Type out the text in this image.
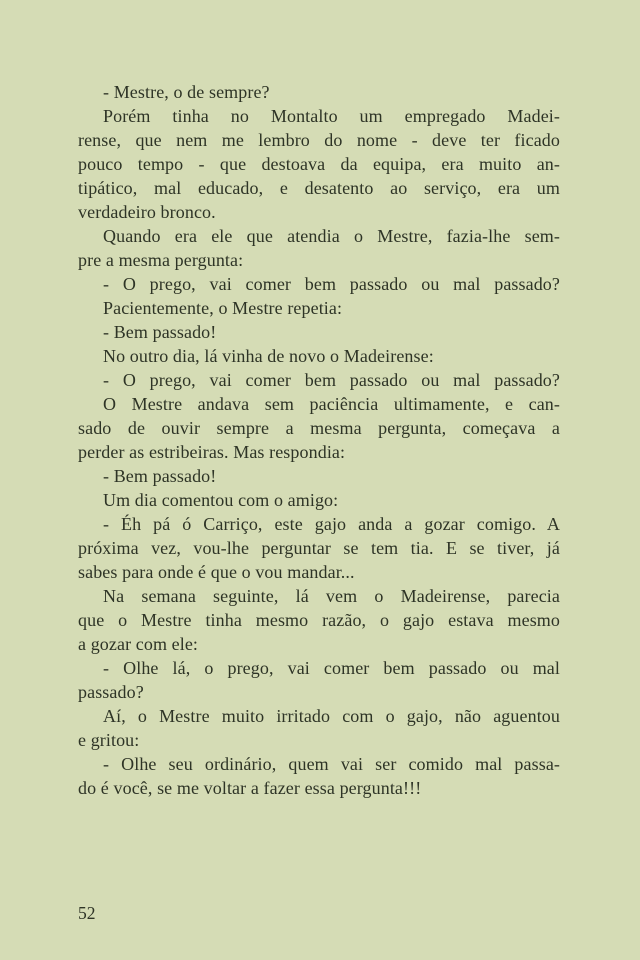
- Mestre, o de sempre?
Porém tinha no Montalto um empregado Madei-
rense, que nem me lembro do nome - deve ter ficado
pouco tempo - que destoava da equipa, era muito an-
tipático, mal educado, e desatento ao serviço, era um
verdadeiro bronco.
Quando era ele que atendia o Mestre, fazia-lhe sem-
pre a mesma pergunta:
- O prego, vai comer bem passado ou mal passado?
Pacientemente, o Mestre repetia:
- Bem passado!
No outro dia, lá vinha de novo o Madeirense:
- O prego, vai comer bem passado ou mal passado?
O Mestre andava sem paciência ultimamente, e can-
sado de ouvir sempre a mesma pergunta, começava a
perder as estribeiras. Mas respondia:
- Bem passado!
Um dia comentou com o amigo:
- Éh pá ó Carriço, este gajo anda a gozar comigo. A
próxima vez, vou-lhe perguntar se tem tia. E se tiver, já
sabes para onde é que o vou mandar...
Na semana seguinte, lá vem o Madeirense, parecia
que o Mestre tinha mesmo razão, o gajo estava mesmo
a gozar com ele:
- Olhe lá, o prego, vai comer bem passado ou mal
passado?
Aí, o Mestre muito irritado com o gajo, não aguentou
e gritou:
- Olhe seu ordinário, quem vai ser comido mal passa-
do é você, se me voltar a fazer essa pergunta!!!
52
